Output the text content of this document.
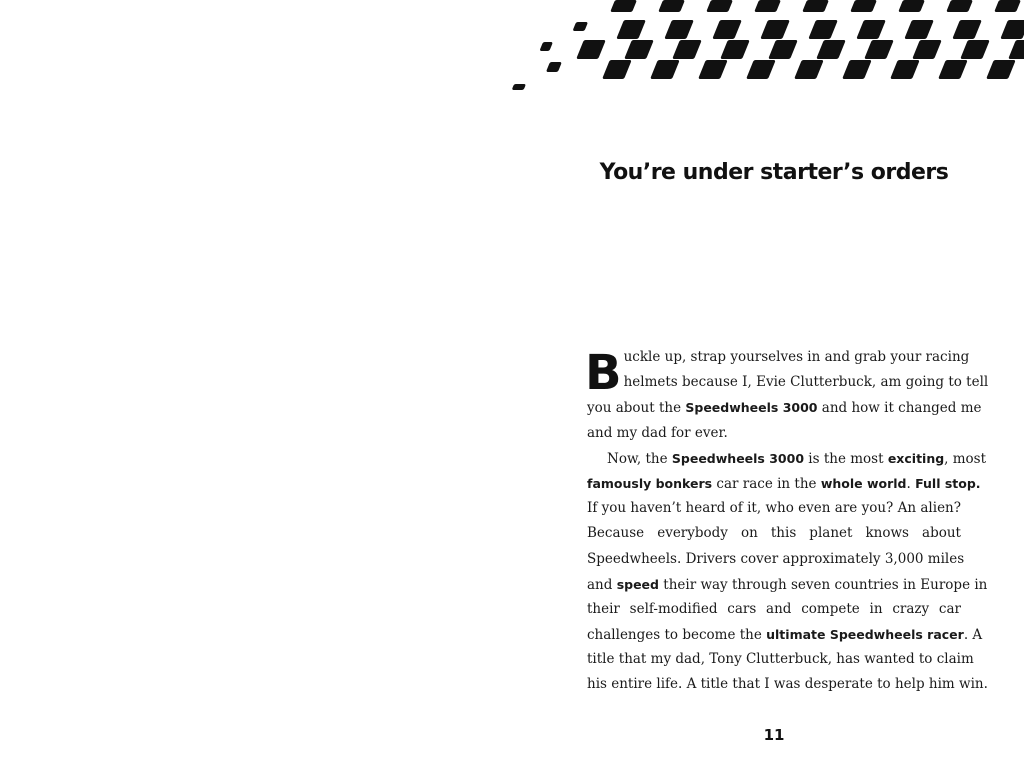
You’re under starter’s orders
B uckle up, strap yourselves in and grab your racing
helmets because I, Evie Clutterbuck, am going to tell
you about the Speedwheels 3000 and how it changed me
and my dad for ever.
Now, the Speedwheels 3000 is the most exciting, most
famously bonkers car race in the whole world. Full stop.
If you haven’t heard of it, who even are you? An alien?
Because everybody on this planet knows about
Speedwheels. Drivers cover approximately 3,000 miles
and speed their way through seven countries in Europe in
their self-modified cars and compete in crazy car
challenges to become the ultimate Speedwheels racer. A
title that my dad, Tony Clutterbuck, has wanted to claim
his entire life. A title that I was desperate to help him win.
11
